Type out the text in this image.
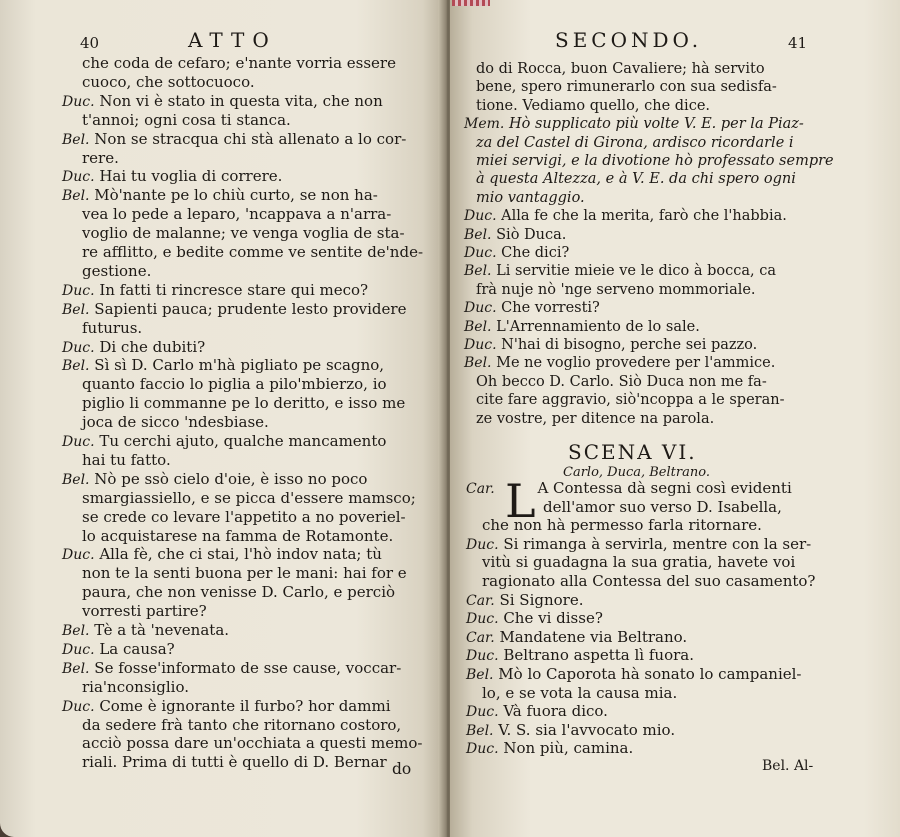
40	ATTO
che coda de cefaro; e'nante vorria essere
cuoco, che sottocuoco.
Duc. Non vi è stato in questa vita, che non
t'annoi; ogni cosa ti stanca.
Bel. Non se stracqua chi stà allenato a lo cor-
rere.
Duc. Hai tu voglia di correre.
Bel. Mò'nante pe lo chiù curto, se non ha-
vea lo pede a leparo, 'ncappava a n'arra-
voglio de malanne; ve venga voglia de sta-
re afflitto, e bedite comme ve sentite de'nde-
gestione.
Duc. In fatti ti rincresce stare qui meco?
Bel. Sapienti pauca; prudente lesto providere
futurus.
Duc. Di che dubiti?
Bel. Sì sì D. Carlo m'hà pigliato pe scagno,
quanto faccio lo piglia a pilo'mbierzo, io
piglio li commanne pe lo deritto, e isso me
joca de sicco 'ndesbiase.
Duc. Tu cerchi ajuto, qualche mancamento
hai tu fatto.
Bel. Nò pe ssò cielo d'oie, è isso no poco
smargiassiello, e se picca d'essere mamsco;
se crede co levare l'appetito a no poveriel-
lo acquistarese na famma de Rotamonte.
Duc. Alla fè, che ci stai, l'hò indov nata; tù
non te la senti buona per le mani: hai for e
paura, che non venisse D. Carlo, e perciò
vorresti partire?
Bel. Tè a tà 'nevenata.
Duc. La causa?
Bel. Se fosse'informato de sse cause, voccar-
ria'nconsiglio.
Duc. Come è ignorante il furbo? hor dammi
da sedere frà tanto che ritornano costoro,
acciò possa dare un'occhiata a questi memo-
riali. Prima di tutti è quello di D. Bernar do
SECONDO.	41
do di Rocca, buon Cavaliere; hà servito
bene, spero rimunerarlo con sua sedisfa-
tione. Vediamo quello, che dice.
Mem. Hò supplicato più volte V. E. per la Piaz-
za del Castel di Girona, ardisco ricordarle i
miei servigi, e la divotione hò professato sempre
à questa Altezza, e à V. E. da chi spero ogni
mio vantaggio.
Duc. Alla fe che la merita, farò che l'habbia.
Bel. Siò Duca.
Duc. Che dici?
Bel. Li servitie mieie ve le dico à bocca, ca
frà nuje nò 'nge serveno mommoriale.
Duc. Che vorresti?
Bel. L'Arrennamiento de lo sale.
Duc. N'hai di bisogno, perche sei pazzo.
Bel. Me ne voglio provedere per l'ammice.
Oh becco D. Carlo. Siò Duca non me fa-
cite fare aggravio, siò'ncoppa a le speran-
ze vostre, per ditence na parola.
SCENA VI.
Carlo, Duca, Beltrano.
L
Car.	A Contessa dà segni così evidenti
dell'amor suo verso D. Isabella,
che non hà permesso farla ritornare.
Duc. Si rimanga à servirla, mentre con la ser-
vitù si guadagna la sua gratia, havete voi
ragionato alla Contessa del suo casamento?
Car. Si Signore.
Duc. Che vi disse?
Car. Mandatene via Beltrano.
Duc. Beltrano aspetta lì fuora.
Bel. Mò lo Caporota hà sonato lo campaniel-
lo, e se vota la causa mia.
Duc. Và fuora dico.
Bel. V. S. sia l'avvocato mio.
Duc. Non più, camina.
Bel. Al-
